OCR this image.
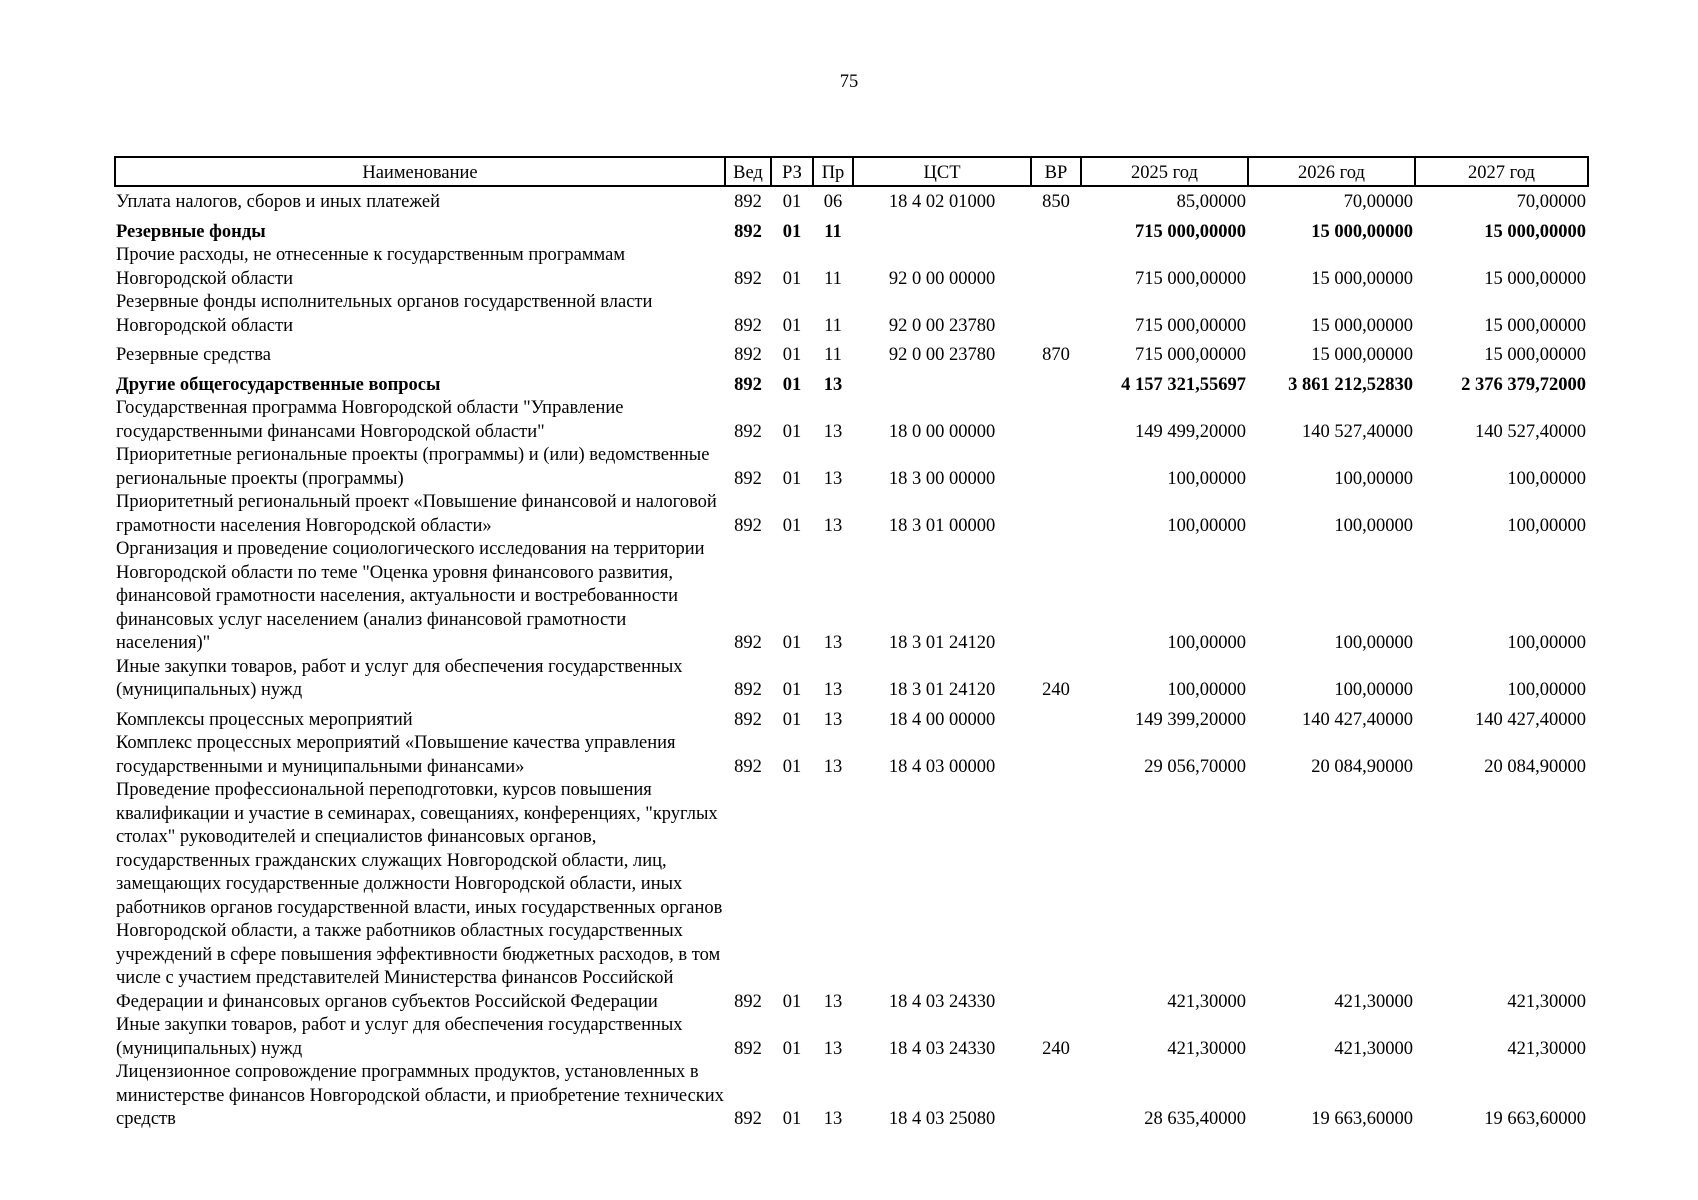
75
Наименование	Вед	РЗ	Пр	ЦСТ	ВР	2025 год	2026 год	2027 год
Уплата налогов, сборов и иных платежей	892	01	06	18 4 02 01000	850	85,00000	70,00000	70,00000
Резервные фонды	892	01	11			715 000,00000	15 000,00000	15 000,00000
Прочие расходы, не отнесенные к государственным программам Новгородской области	892	01	11	92 0 00 00000		715 000,00000	15 000,00000	15 000,00000
Резервные фонды исполнительных органов государственной власти Новгородской области	892	01	11	92 0 00 23780		715 000,00000	15 000,00000	15 000,00000
Резервные средства	892	01	11	92 0 00 23780	870	715 000,00000	15 000,00000	15 000,00000
Другие общегосударственные вопросы	892	01	13			4 157 321,55697	3 861 212,52830	2 376 379,72000
Государственная программа Новгородской области "Управление государственными финансами Новгородской области"	892	01	13	18 0 00 00000		149 499,20000	140 527,40000	140 527,40000
Приоритетные региональные проекты (программы) и (или) ведомственные региональные проекты (программы)	892	01	13	18 3 00 00000		100,00000	100,00000	100,00000
Приоритетный региональный проект «Повышение финансовой и налоговой грамотности населения Новгородской области»	892	01	13	18 3 01 00000		100,00000	100,00000	100,00000
Организация и проведение социологического исследования на территории Новгородской области по теме "Оценка уровня финансового развития, финансовой грамотности населения, актуальности и востребованности финансовых услуг населением (анализ финансовой грамотности населения)"	892	01	13	18 3 01 24120		100,00000	100,00000	100,00000
Иные закупки товаров, работ и услуг для обеспечения государственных (муниципальных) нужд	892	01	13	18 3 01 24120	240	100,00000	100,00000	100,00000
Комплексы процессных мероприятий	892	01	13	18 4 00 00000		149 399,20000	140 427,40000	140 427,40000
Комплекс процессных мероприятий «Повышение качества управления государственными и муниципальными финансами»	892	01	13	18 4 03 00000		29 056,70000	20 084,90000	20 084,90000
Проведение профессиональной переподготовки, курсов повышения квалификации и участие в семинарах, совещаниях, конференциях, "круглых столах" руководителей и специалистов финансовых органов, государственных гражданских служащих Новгородской области, лиц, замещающих государственные должности Новгородской области, иных работников органов государственной власти, иных государственных органов Новгородской области, а также работников областных государственных учреждений в сфере повышения эффективности бюджетных расходов, в том числе с участием представителей Министерства финансов Российской Федерации и финансовых органов субъектов Российской Федерации	892	01	13	18 4 03 24330		421,30000	421,30000	421,30000
Иные закупки товаров, работ и услуг для обеспечения государственных (муниципальных) нужд	892	01	13	18 4 03 24330	240	421,30000	421,30000	421,30000
Лицензионное сопровождение программных продуктов, установленных в министерстве финансов Новгородской области, и приобретение технических средств	892	01	13	18 4 03 25080		28 635,40000	19 663,60000	19 663,60000
